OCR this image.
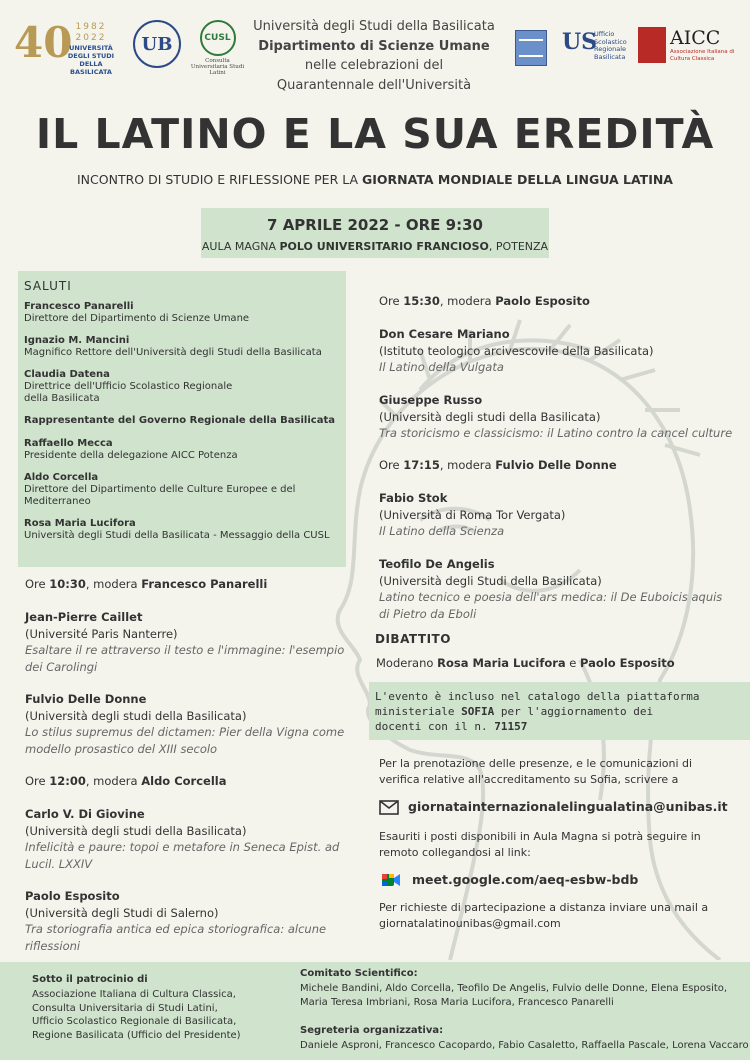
40 1982
2022
UNIVERSITÀ DEGLI STUDI DELLA BASILICATA
UB	CUSL
Consulta Universitaria Studi Latini
Università degli Studi della Basilicata
Dipartimento di Scienze Umane
nelle celebrazioni del
Quarantennale dell'Università
US
Ufficio Scolastico Regionale Basilicata
AICC
Associazione Italiana di Cultura Classica
IL LATINO E LA SUA EREDITÀ
INCONTRO DI STUDIO E RIFLESSIONE PER LA GIORNATA MONDIALE DELLA LINGUA LATINA
7 APRILE 2022 - ORE 9:30
AULA MAGNA POLO UNIVERSITARIO FRANCIOSO, POTENZA
SALUTI
Francesco Panarelli
Direttore del Dipartimento di Scienze Umane
Ignazio M. Mancini
Magnifico Rettore dell'Università degli Studi della Basilicata
Claudia Datena
Direttrice dell'Ufficio Scolastico Regionale
della Basilicata
Rappresentante del Governo Regionale della Basilicata
Raffaello Mecca
Presidente della delegazione AICC Potenza
Aldo Corcella
Direttore del Dipartimento delle Culture Europee e del
Mediterraneo
Rosa Maria Lucifora
Università degli Studi della Basilicata - Messaggio della CUSL
Ore 10:30, modera Francesco Panarelli
Jean-Pierre Caillet
(Université Paris Nanterre)
Esaltare il re attraverso il testo e l'immagine: l'esempio
dei Carolingi
Fulvio Delle Donne
(Università degli studi della Basilicata)
Lo stilus supremus del dictamen: Pier della Vigna come
modello prosastico del XIII secolo
Ore 12:00, modera Aldo Corcella
Carlo V. Di Giovine
(Università degli studi della Basilicata)
Infelicità e paure: topoi e metafore in Seneca Epist. ad
Lucil. LXXIV
Paolo Esposito
(Università degli Studi di Salerno)
Tra storiografia antica ed epica storiografica: alcune
riflessioni
Ore 15:30, modera Paolo Esposito
Don Cesare Mariano
(Istituto teologico arcivescovile della Basilicata)
Il Latino della Vulgata
Giuseppe Russo
(Università degli studi della Basilicata)
Tra storicismo e classicismo: il Latino contro la cancel culture
Ore 17:15, modera Fulvio Delle Donne
Fabio Stok
(Università di Roma Tor Vergata)
Il Latino della Scienza
Teofilo De Angelis
(Università degli Studi della Basilicata)
Latino tecnico e poesia dell'ars medica: il De Euboicis aquis
di Pietro da Eboli
DIBATTITO
Moderano Rosa Maria Lucifora e Paolo Esposito
L'evento è incluso nel catalogo della piattaforma
ministeriale SOFIA per l'aggiornamento dei
docenti con il n. 71157
Per la prenotazione delle presenze, e le comunicazioni di
verifica relative all'accreditamento su Sofia, scrivere a
giornatainternazionalelingualatina@unibas.it
Esauriti i posti disponibili in Aula Magna si potrà seguire in
remoto collegandosi al link:
meet.google.com/aeq-esbw-bdb
Per richieste di partecipazione a distanza inviare una mail a
giornatalatinounibas@gmail.com
Sotto il patrocinio di
Associazione Italiana di Cultura Classica,
Consulta Universitaria di Studi Latini,
Ufficio Scolastico Regionale di Basilicata,
Regione Basilicata (Ufficio del Presidente)
Comitato Scientifico:
Michele Bandini, Aldo Corcella, Teofilo De Angelis, Fulvio delle Donne, Elena Esposito,
Maria Teresa Imbriani, Rosa Maria Lucifora, Francesco Panarelli
Segreteria organizzativa:
Daniele Asproni, Francesco Cacopardo, Fabio Casaletto, Raffaella Pascale, Lorena Vaccaro
